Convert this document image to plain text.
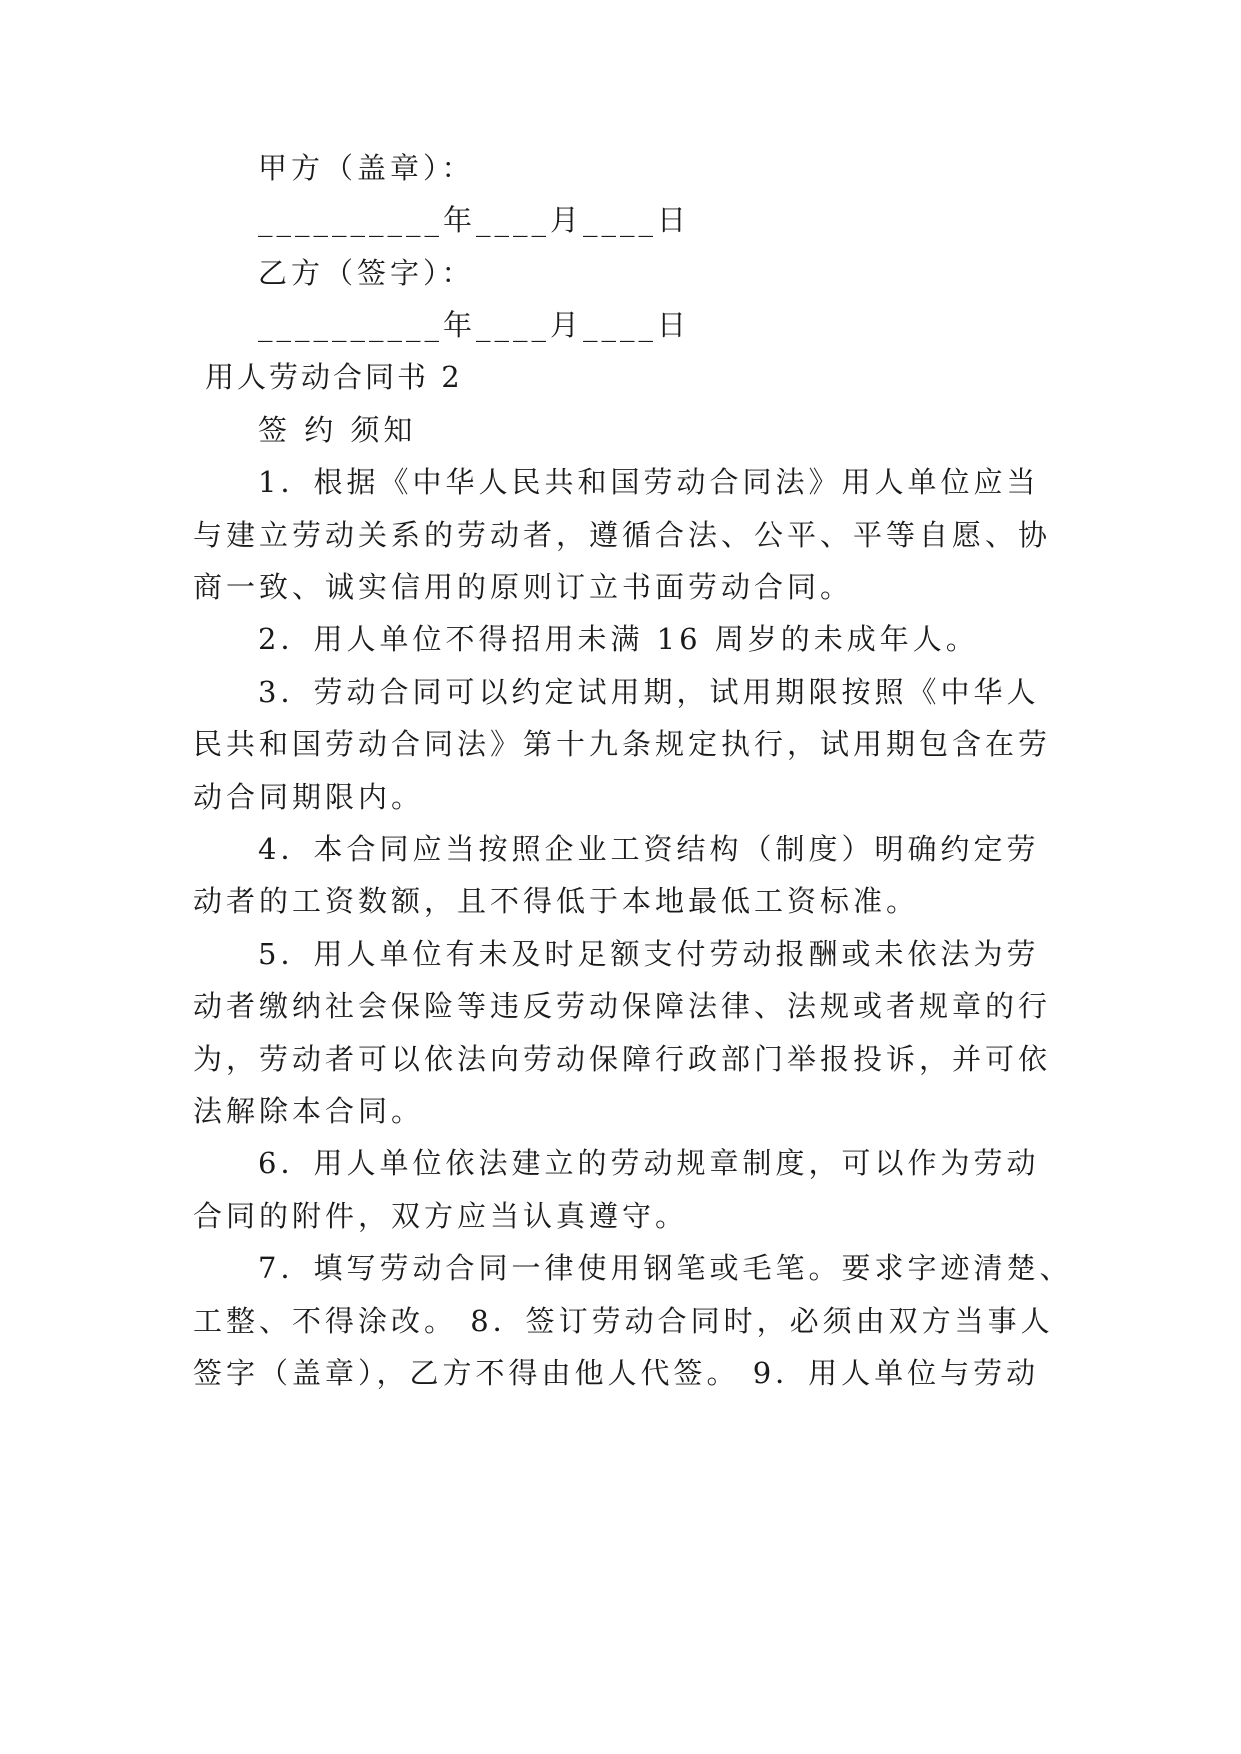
甲方（盖章）：
__________年____月____日
乙方（签字）：
__________年____月____日
用人劳动合同书 2
签 约 须知
1．根据《中华人民共和国劳动合同法》用人单位应当
与建立劳动关系的劳动者，遵循合法、公平、平等自愿、协
商一致、诚实信用的原则订立书面劳动合同。
2．用人单位不得招用未满 16 周岁的未成年人。
3．劳动合同可以约定试用期，试用期限按照《中华人
民共和国劳动合同法》第十九条规定执行，试用期包含在劳
动合同期限内。
4．本合同应当按照企业工资结构（制度）明确约定劳
动者的工资数额，且不得低于本地最低工资标准。
5．用人单位有未及时足额支付劳动报酬或未依法为劳
动者缴纳社会保险等违反劳动保障法律、法规或者规章的行
为，劳动者可以依法向劳动保障行政部门举报投诉，并可依
法解除本合同。
6．用人单位依法建立的劳动规章制度，可以作为劳动
合同的附件，双方应当认真遵守。
7．填写劳动合同一律使用钢笔或毛笔。要求字迹清楚、
工整、不得涂改。 8．签订劳动合同时，必须由双方当事人
签字（盖章），乙方不得由他人代签。 9．用人单位与劳动
